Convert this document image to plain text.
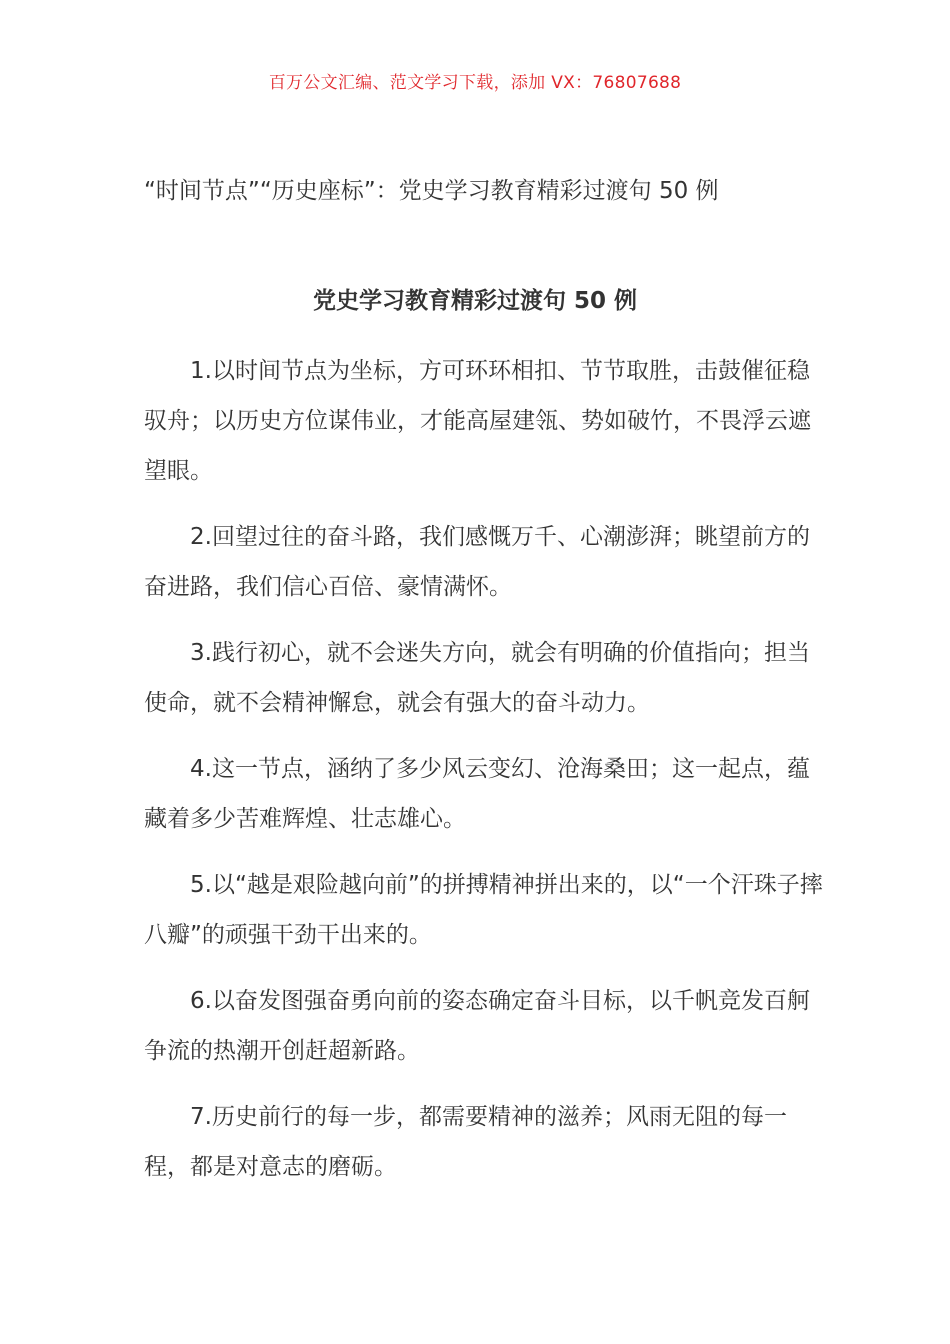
百万公文汇编、范文学习下载，添加 VX：76807688
“时间节点”“历史座标”：党史学习教育精彩过渡句 50 例
党史学习教育精彩过渡句 50 例
1.以时间节点为坐标，方可环环相扣、节节取胜，击鼓催征稳驭舟；以历史方位谋伟业，才能高屋建瓴、势如破竹，不畏浮云遮望眼。
2.回望过往的奋斗路，我们感慨万千、心潮澎湃；眺望前方的奋进路，我们信心百倍、豪情满怀。
3.践行初心，就不会迷失方向，就会有明确的价值指向；担当使命，就不会精神懈怠，就会有强大的奋斗动力。
4.这一节点，涵纳了多少风云变幻、沧海桑田；这一起点，蕴藏着多少苦难辉煌、壮志雄心。
5.以“越是艰险越向前”的拼搏精神拼出来的，以“一个汗珠子摔八瓣”的顽强干劲干出来的。
6.以奋发图强奋勇向前的姿态确定奋斗目标，以千帆竞发百舸争流的热潮开创赶超新路。
7.历史前行的每一步，都需要精神的滋养；风雨无阻的每一程，都是对意志的磨砺。
